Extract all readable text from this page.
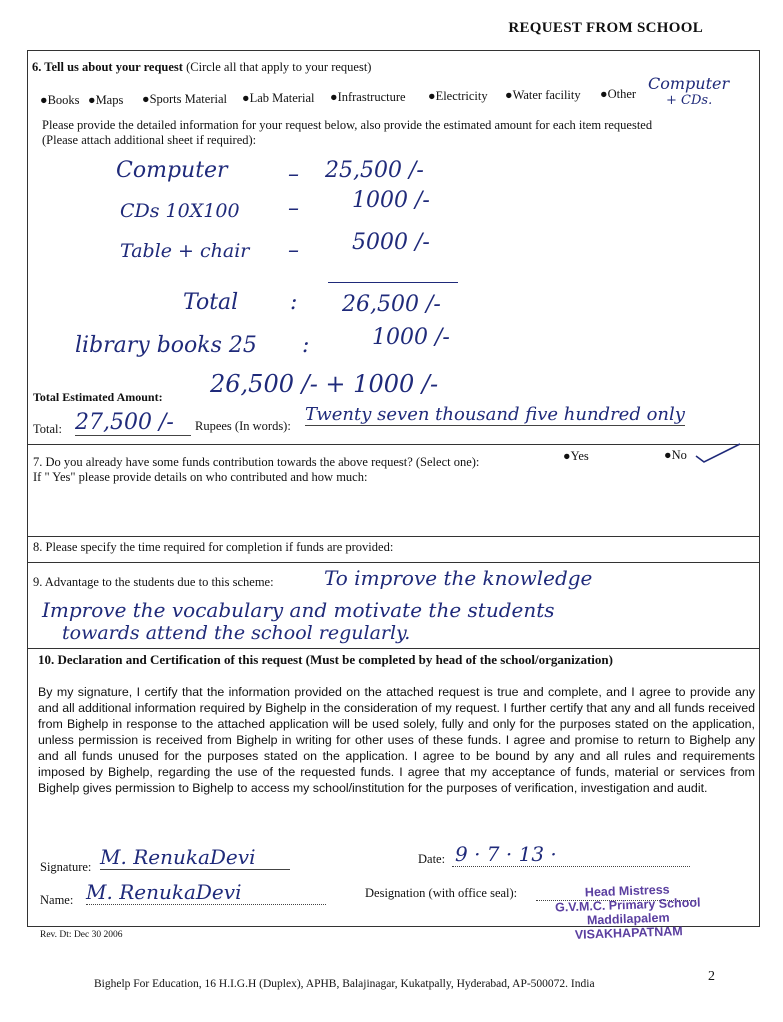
REQUEST FROM SCHOOL
6. Tell us about your request (Circle all that apply to your request)
●Books ●Maps ●Sports Material ●Lab Material ●Infrastructure ●Electricity ●Water facility ●Other
Computer
+ CDs.
Please provide the detailed information for your request below, also provide the estimated amount for each item requested
(Please attach additional sheet if required):
Computer	– 25,500 /-
CDs 10X100 – 1000 /-
Table + chair – 5000 /-
Total : 26,500 /-
library books 25 :	1000 /-
Total Estimated Amount: 26,500 /- + 1000 /-
Total: 27,500 /-	Rupees (In words):
Twenty seven thousand five hundred only
7. Do you already have some funds contribution towards the above request? (Select one):	●Yes	●No
If " Yes" please provide details on who contributed and how much:
8. Please specify the time required for completion if funds are provided:
9. Advantage to the students due to this scheme:	To improve the knowledge
Improve the vocabulary and motivate the students
towards attend the school regularly.
10. Declaration and Certification of this request (Must be completed by head of the school/organization)
By my signature, I certify that the information provided on the attached request is true and complete, and I agree to provide any and all additional information required by Bighelp in the consideration of my request. I further certify that any and all funds received from Bighelp in response to the attached application will be used solely, fully and only for the purposes stated on the application, unless permission is received from Bighelp in writing for other uses of these funds. I agree and promise to return to Bighelp any and all funds unused for the purposes stated on the application. I agree to be bound by any and all rules and requirements imposed by Bighelp, regarding the use of the requested funds. I agree that my acceptance of funds, material or services from Bighelp gives permission to Bighelp to access my school/institution for the purposes of verification, investigation and audit.
Signature: M. RenukaDevi	Date: 9 · 7 · 13 ·
Name: M. RenukaDevi	Designation (with office seal):	Head Mistress
G.V.M.C. Primary School
Maddilapalem
VISAKHAPATNAM
Rev. Dt: Dec 30 2006
Bighelp For Education, 16 H.I.G.H (Duplex), APHB, Balajinagar, Kukatpally, Hyderabad, AP-500072. India	2
